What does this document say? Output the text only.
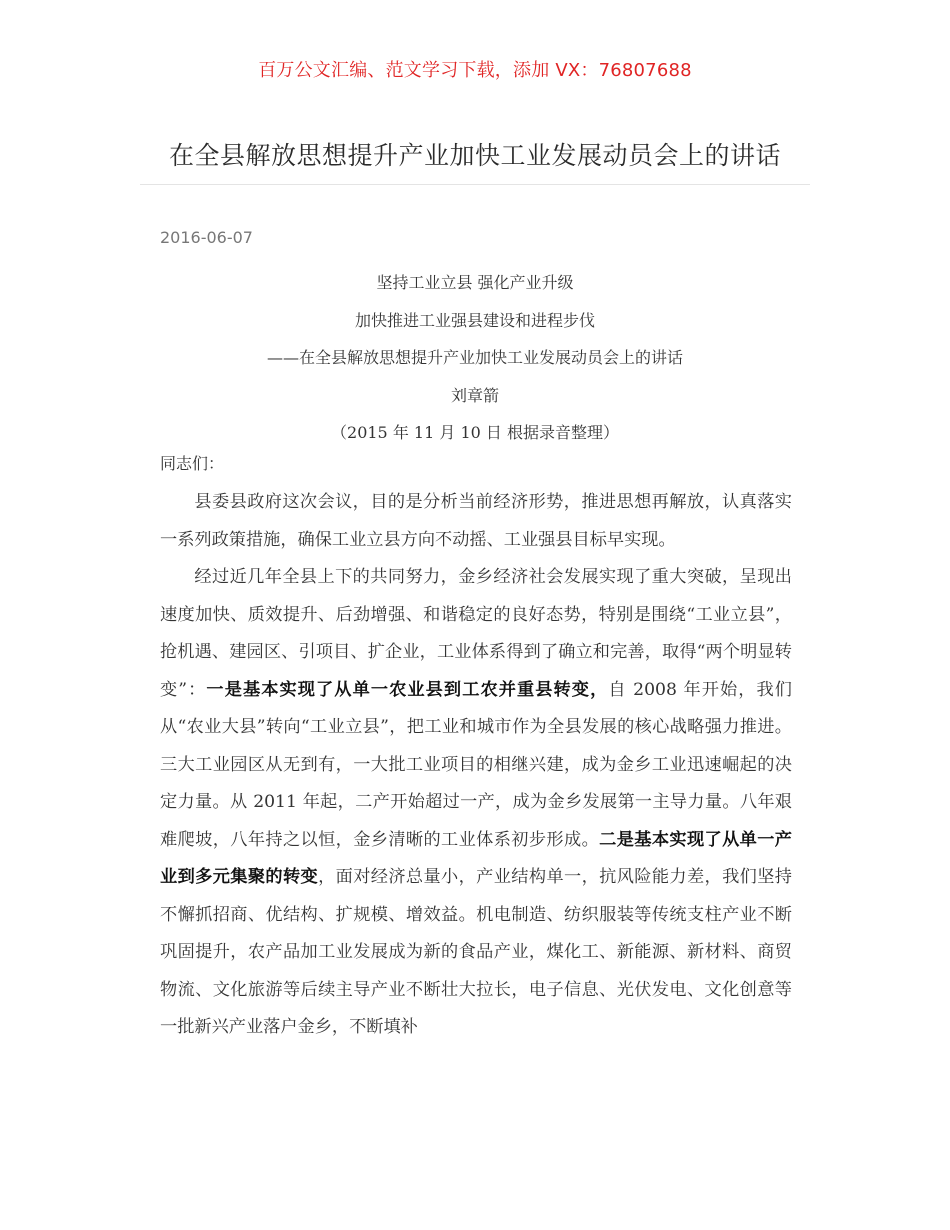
百万公文汇编、范文学习下载，添加 VX：76807688
在全县解放思想提升产业加快工业发展动员会上的讲话
2016-06-07
坚持工业立县 强化产业升级
加快推进工业强县建设和进程步伐
——在全县解放思想提升产业加快工业发展动员会上的讲话
刘章箭
（2015 年 11 月 10 日 根据录音整理）
同志们：

县委县政府这次会议，目的是分析当前经济形势，推进思想再解放，认真落实一系列政策措施，确保工业立县方向不动摇、工业强县目标早实现。

经过近几年全县上下的共同努力，金乡经济社会发展实现了重大突破，呈现出速度加快、质效提升、后劲增强、和谐稳定的良好态势，特别是围绕“工业立县”，抢机遇、建园区、引项目、扩企业，工业体系得到了确立和完善，取得“两个明显转变”：一是基本实现了从单一农业县到工农并重县转变，自 2008 年开始，我们从“农业大县”转向“工业立县”，把工业和城市作为全县发展的核心战略强力推进。三大工业园区从无到有，一大批工业项目的相继兴建，成为金乡工业迅速崛起的决定力量。从 2011 年起，二产开始超过一产，成为金乡发展第一主导力量。八年艰难爬坡，八年持之以恒，金乡清晰的工业体系初步形成。二是基本实现了从单一产业到多元集聚的转变，面对经济总量小，产业结构单一，抗风险能力差，我们坚持不懈抓招商、优结构、扩规模、增效益。机电制造、纺织服装等传统支柱产业不断巩固提升，农产品加工业发展成为新的食品产业，煤化工、新能源、新材料、商贸物流、文化旅游等后续主导产业不断壮大拉长，电子信息、光伏发电、文化创意等一批新兴产业落户金乡，不断填补
